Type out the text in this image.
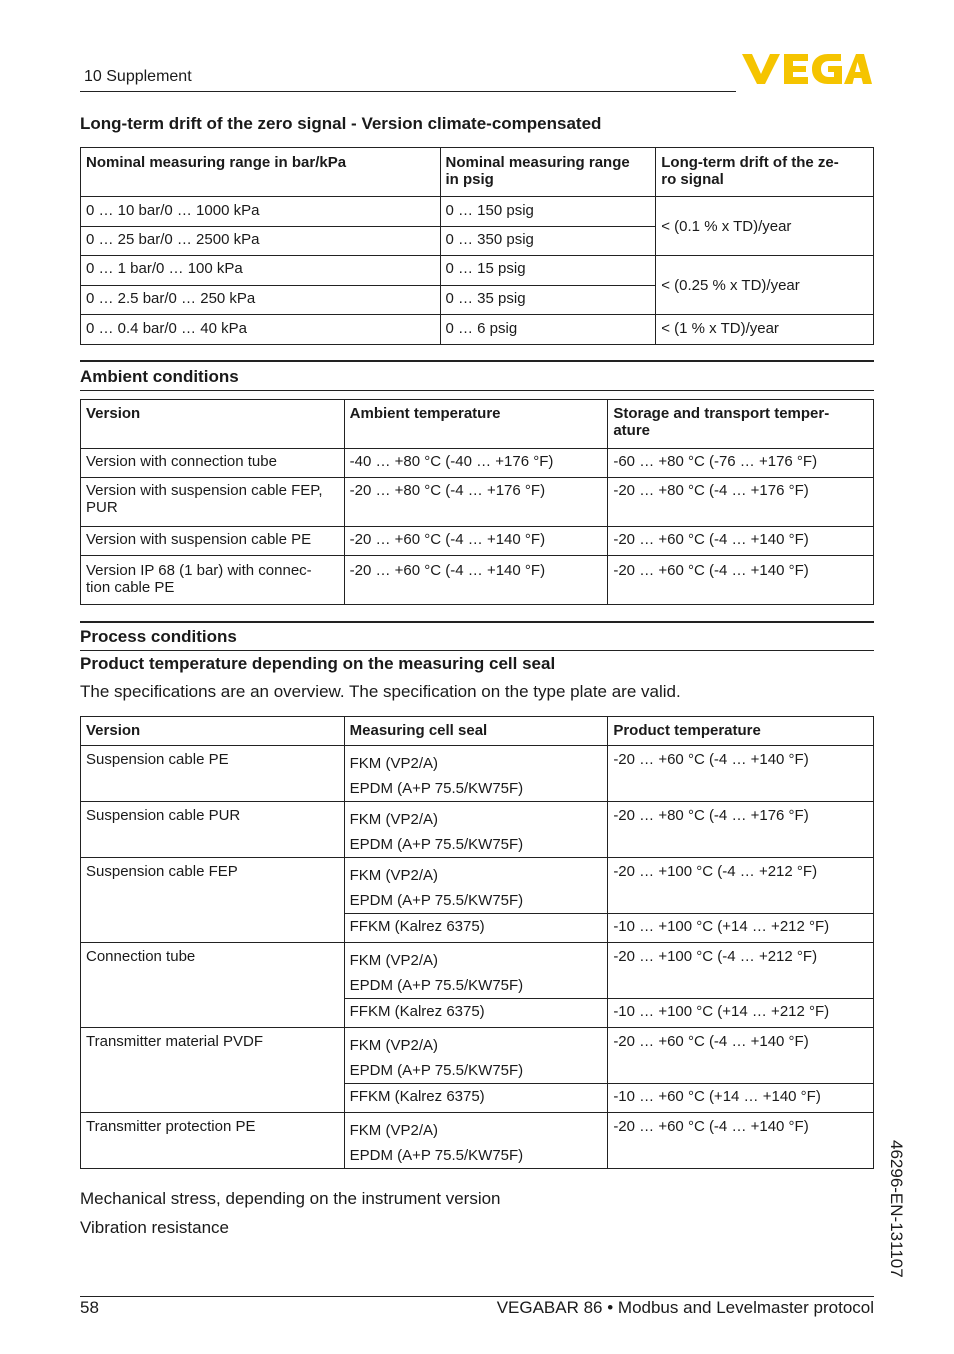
10 Supplement
Long-term drift of the zero signal - Version climate-compensated
Nominal measuring range in bar/kPa	Nominal measuring range
in psig	Long-term drift of the ze-
ro signal

0 … 10 bar/0 … 1000 kPa	0 … 150 psig	< (0.1 % x TD)/year
0 … 25 bar/0 … 2500 kPa	0 … 350 psig	
0 … 1 bar/0 … 100 kPa	0 … 15 psig	< (0.25 % x TD)/year
0 … 2.5 bar/0 … 250 kPa	0 … 35 psig	
0 … 0.4 bar/0 … 40 kPa	0 … 6 psig	< (1 % x TD)/year
Ambient conditions
Version	Ambient temperature	Storage and transport temper-
ature

Version with connection tube	-40 … +80 °C (-40 … +176 °F)	-60 … +80 °C (-76 … +176 °F)

Version with suspension cable FEP,
PUR	-20 … +80 °C (-4 … +176 °F)	-20 … +80 °C (-4 … +176 °F)

Version with suspension cable PE	-20 … +60 °C (-4 … +140 °F)	-20 … +60 °C (-4 … +140 °F)

Version IP 68 (1 bar) with connec-
tion cable PE	-20 … +60 °C (-4 … +140 °F)	-20 … +60 °C (-4 … +140 °F)
Process conditions
Product temperature depending on the measuring cell seal
The specifications are an overview. The specification on the type plate are valid.
Version	Measuring cell seal	Product temperature
Suspension cable PE	FKM (VP2/A)
EPDM (A+P 75.5/KW75F)	-20 … +60 °C (-4 … +140 °F)
Suspension cable PUR	FKM (VP2/A)
EPDM (A+P 75.5/KW75F)	-20 … +80 °C (-4 … +176 °F)
Suspension cable FEP	FKM (VP2/A)
EPDM (A+P 75.5/KW75F)	-20 … +100 °C (-4 … +212 °F)
	FFKM (Kalrez 6375)	-10 … +100 °C (+14 … +212 °F)
Connection tube	FKM (VP2/A)
EPDM (A+P 75.5/KW75F)	-20 … +100 °C (-4 … +212 °F)
	FFKM (Kalrez 6375)	-10 … +100 °C (+14 … +212 °F)
Transmitter material PVDF	FKM (VP2/A)
EPDM (A+P 75.5/KW75F)	-20 … +60 °C (-4 … +140 °F)
	FFKM (Kalrez 6375)	-10 … +60 °C (+14 … +140 °F)
Transmitter protection PE	FKM (VP2/A)
EPDM (A+P 75.5/KW75F)	-20 … +60 °C (-4 … +140 °F)
Mechanical stress, depending on the instrument version
Vibration resistance	46296-EN-131107
58	VEGABAR 86 • Modbus and Levelmaster protocol
